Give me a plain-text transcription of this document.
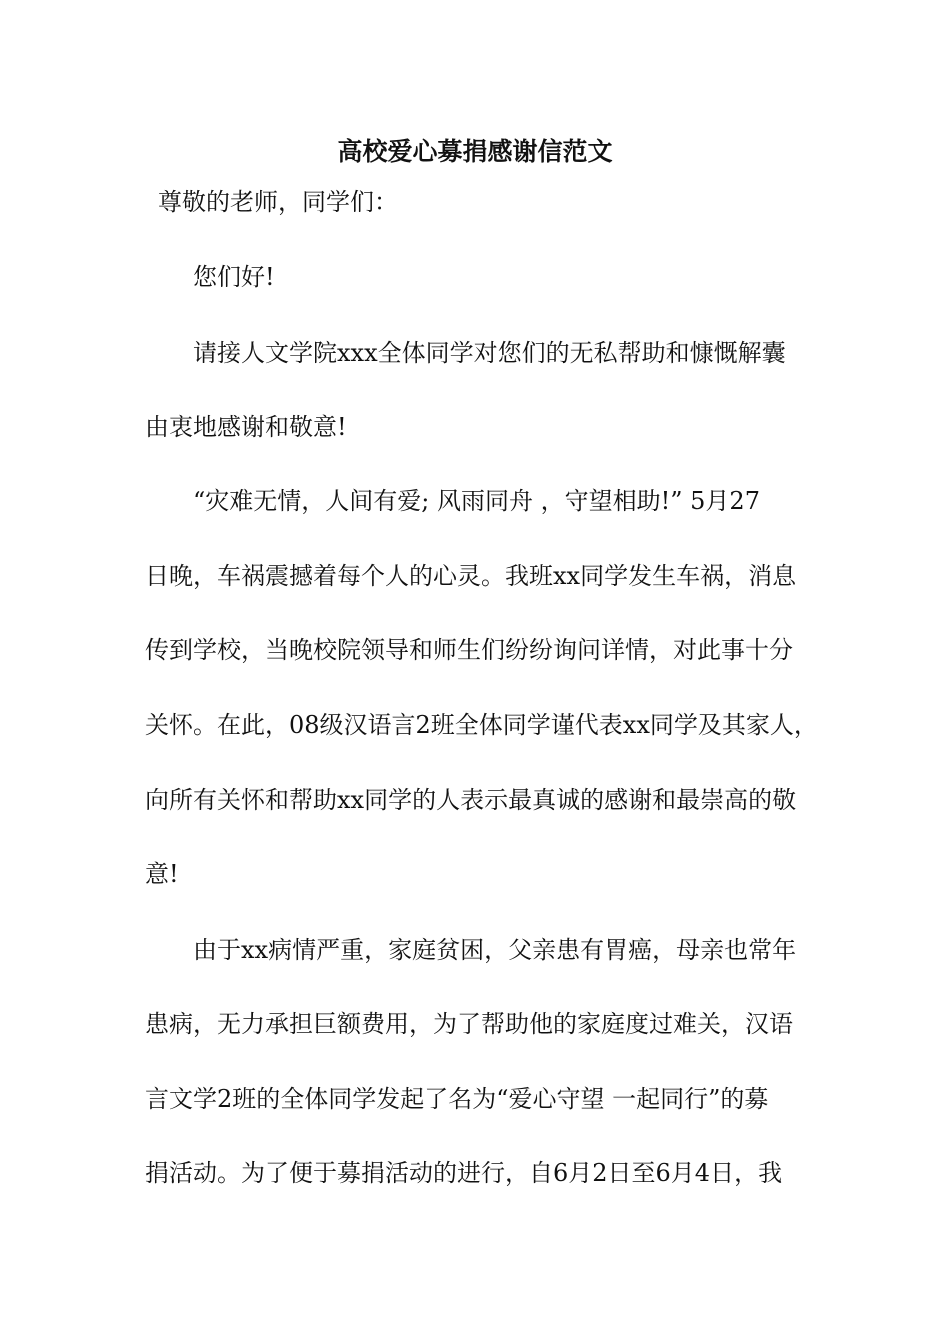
高校爱心募捐感谢信范文
尊敬的老师，同学们：
您们好!
请接人文学院xxx全体同学对您们的无私帮助和慷慨解囊
由衷地感谢和敬意!
“灾难无情，人间有爱; 风雨同舟 ，守望相助!” 5月27
日晚，车祸震撼着每个人的心灵。我班xx同学发生车祸，消息
传到学校，当晚校院领导和师生们纷纷询问详情，对此事十分
关怀。在此，08级汉语言2班全体同学谨代表xx同学及其家人，
向所有关怀和帮助xx同学的人表示最真诚的感谢和最崇高的敬
意!
由于xx病情严重，家庭贫困，父亲患有胃癌，母亲也常年
患病，无力承担巨额费用，为了帮助他的家庭度过难关，汉语
言文学2班的全体同学发起了名为“爱心守望 一起同行”的募
捐活动。为了便于募捐活动的进行，自6月2日至6月4日，我
